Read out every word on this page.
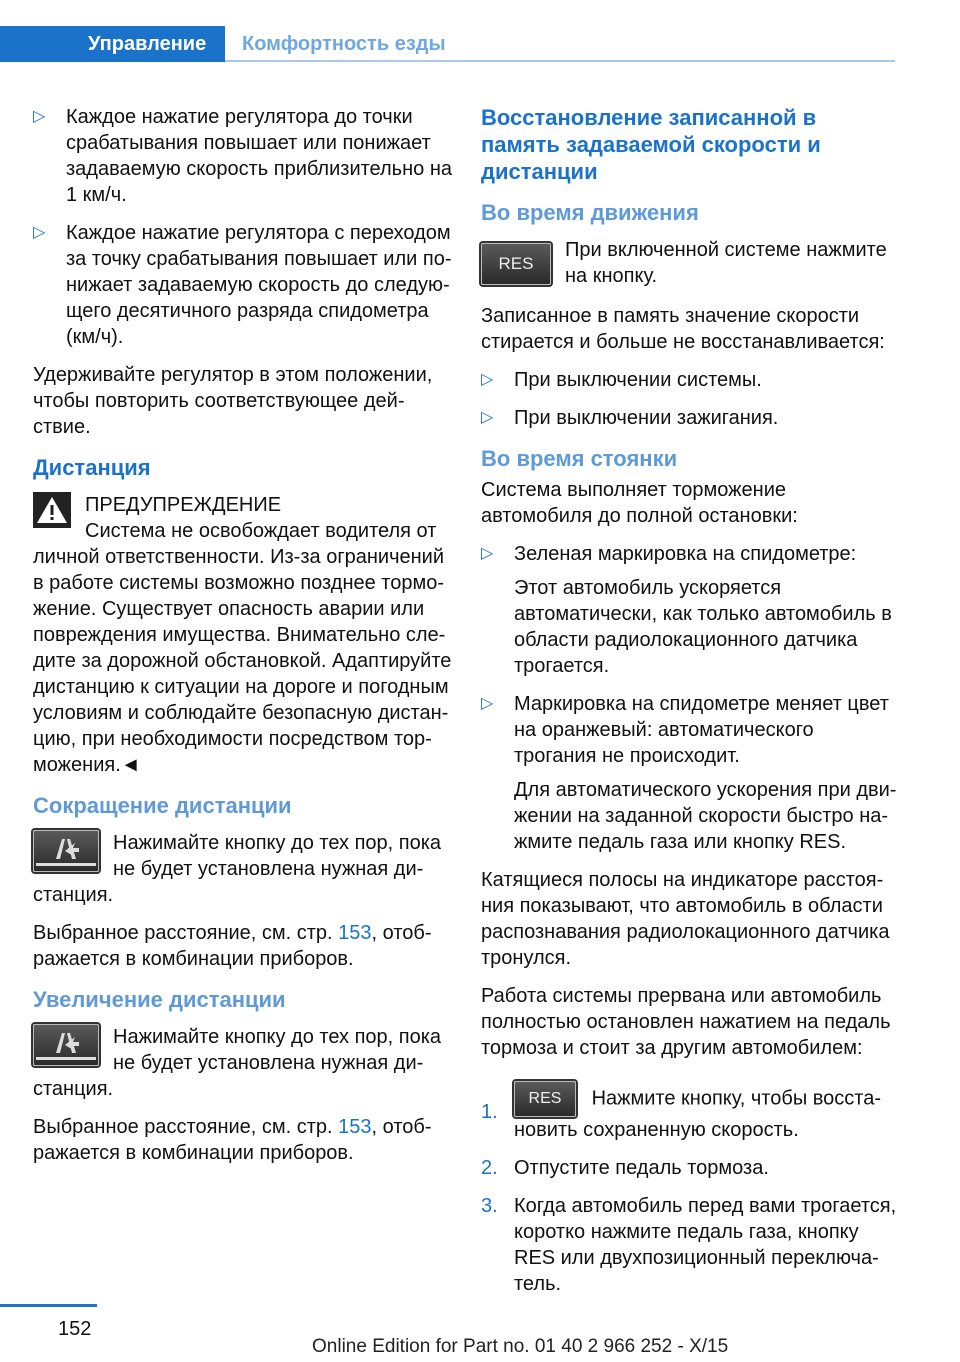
Управление Комфортность езды
▷ Каждое нажатие регулятора до точки срабатывания повышает или понижает задаваемую скорость приблизительно на 1 км/ч.
▷ Каждое нажатие регулятора с переходом за точку срабатывания повышает или понижает задаваемую скорость до следующего десятичного разряда спидометра (км/ч).

Удерживайте регулятор в этом положении, чтобы повторить соответствующее действие.

Дистанция
ПРЕДУПРЕЖДЕНИЕ
Система не освобождает водителя от личной ответственности. Из-за ограничений в работе системы возможно позднее торможение. Существует опасность аварии или повреждения имущества. Внимательно следите за дорожной обстановкой. Адаптируйте дистанцию к ситуации на дороге и погодным условиям и соблюдайте безопасную дистанцию, при необходимости посредством торможения.◄
Сокращение дистанции
Нажимайте кнопку до тех пор, пока не будет установлена нужная дистанция.

Выбранное расстояние, см. стр. 153, отображается в комбинации приборов.

Увеличение дистанции
Нажимайте кнопку до тех пор, пока не будет установлена нужная дистанция.

Выбранное расстояние, см. стр. 153, отображается в комбинации приборов.

Восстановление записанной в память задаваемой скорости и дистанции
Во время движения
RES
При включенной системе нажмите на кнопку.

Записанное в память значение скорости стирается и больше не восстанавливается:

▷ При выключении системы.
▷ При выключении зажигания.
Во время стоянки

Система выполняет торможение автомобиля до полной остановки:

▷ Зеленая маркировка на спидометре:

Этот автомобиль ускоряется автоматически, как только автомобиль в области радиолокационного датчика трогается.

▷ Маркировка на спидометре меняет цвет на оранжевый: автоматического трогания не происходит.

Для автоматического ускорения при движении на заданной скорости быстро нажмите педаль газа или кнопку RES.

Катящиеся полосы на индикаторе расстояния показывают, что автомобиль в области распознавания радиолокационного датчика тронулся.

Работа системы прервана или автомобиль полностью остановлен нажатием на педаль тормоза и стоит за другим автомобилем:

1.
RES Нажмите кнопку, чтобы восстановить сохраненную скорость.
2. Отпустите педаль тормоза.
3. Когда автомобиль перед вами трогается, коротко нажмите педаль газа, кнопку RES или двухпозиционный переключатель.
152
Online Edition for Part no. 01 40 2 966 252 - X/15
